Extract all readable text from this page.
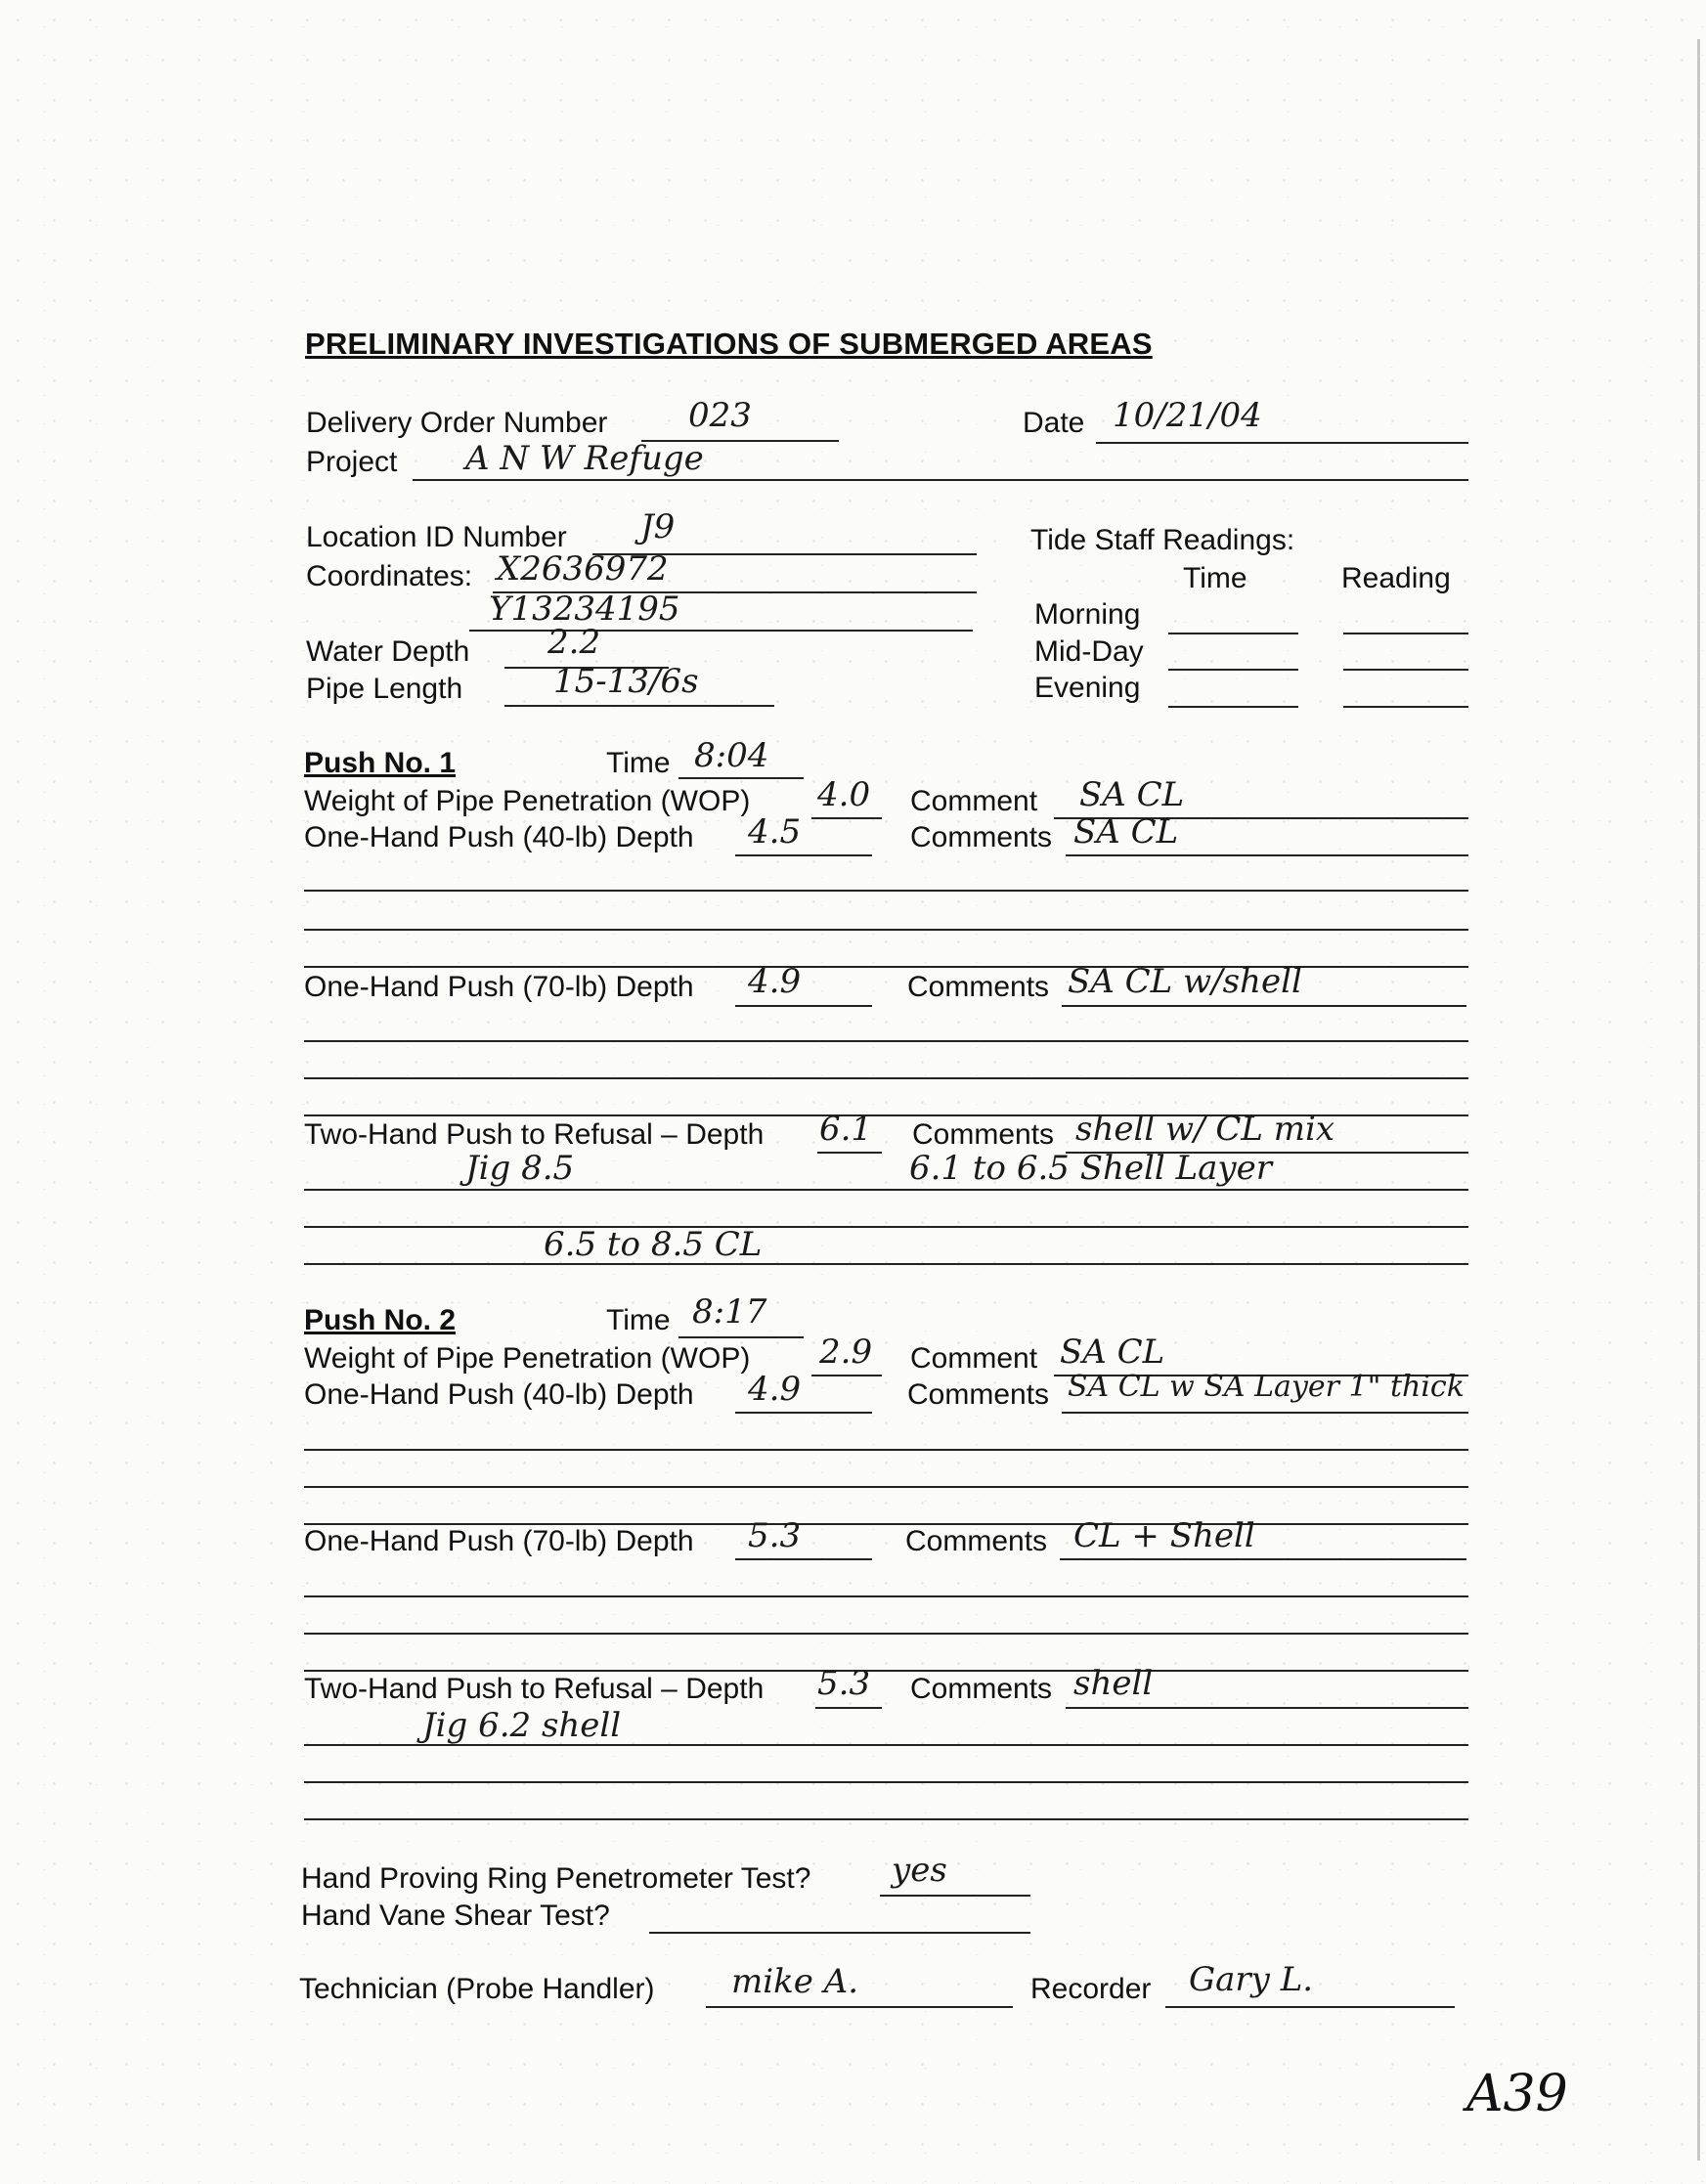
PRELIMINARY INVESTIGATIONS OF SUBMERGED AREAS
Delivery Order Number 023	Date 10/21/04
Project A N W Refuge
Location ID Number J9
Coordinates: X2636972
Y13234195
Water Depth 2.2
Pipe Length	15-13/6s
Tide Staff Readings:
Time	Reading
Morning
Mid-Day
Evening
Push No. 1	Time 8:04
Weight of Pipe Penetration (WOP) 4.0 Comment SA CL
One-Hand Push (40-lb) Depth 4.5	Comments SA CL
One-Hand Push (70-lb) Depth 4.9	Comments SA CL w/shell
Two-Hand Push to Refusal – Depth 6.1 Comments shell w/ CL mix
Jig 8.5	6.1 to 6.5 Shell Layer
6.5 to 8.5 CL
Push No. 2	Time 8:17
Weight of Pipe Penetration (WOP) 2.9 Comment SA CL
One-Hand Push (40-lb) Depth 4.9	Comments SA CL w SA Layer 1" thick
One-Hand Push (70-lb) Depth 5.3	Comments CL + Shell
Two-Hand Push to Refusal – Depth 5.3 Comments shell
Jig 6.2 shell
Hand Proving Ring Penetrometer Test? yes
Hand Vane Shear Test?
Technician (Probe Handler) mike A.	Recorder Gary L.
A39
